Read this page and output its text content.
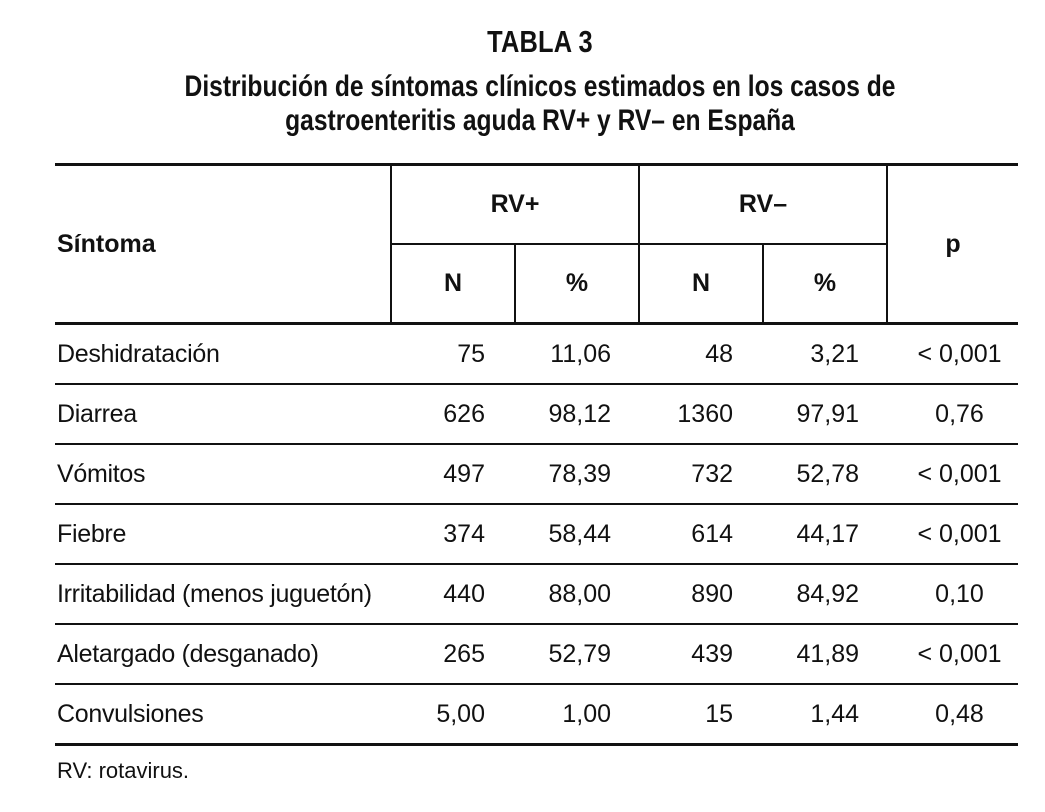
TABLA 3
Distribución de síntomas clínicos estimados en los casos de
gastroenteritis aguda RV+ y RV– en España
Síntoma	RV+		RV–		p
	N	%	N	%	
Deshidratación	75	11,06	48	3,21	< 0,001
Diarrea	626	98,12	1360	97,91	0,76
Vómitos	497	78,39	732	52,78	< 0,001
Fiebre	374	58,44	614	44,17	< 0,001
Irritabilidad (menos juguetón)	440	88,00	890	84,92	0,10
Aletargado (desganado)	265	52,79	439	41,89	< 0,001
Convulsiones	5,00	1,00	15	1,44	0,48
RV: rotavirus.
